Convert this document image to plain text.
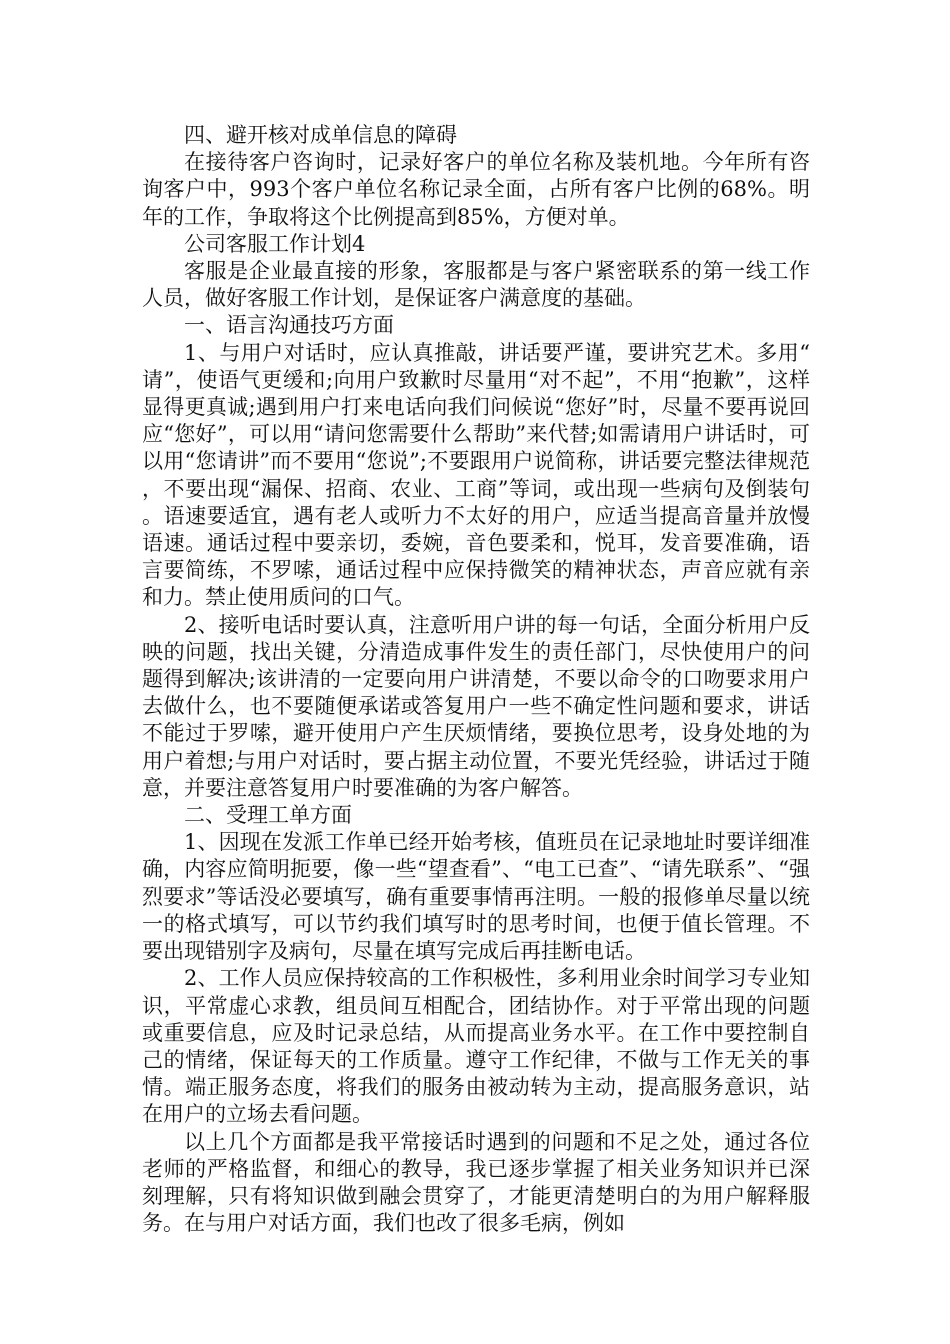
四、避开核对成单信息的障碍

在接待客户咨询时，记录好客户的单位名称及装机地。今年所有咨询客户中，993个客户单位名称记录全面，占所有客户比例的68%。明年的工作，争取将这个比例提高到85%，方便对单。

公司客服工作计划4

客服是企业最直接的形象，客服都是与客户紧密联系的第一线工作人员，做好客服工作计划，是保证客户满意度的基础。

一、语言沟通技巧方面

1、与用户对话时，应认真推敲，讲话要严谨，要讲究艺术。多用“请”，使语气更缓和;向用户致歉时尽量用“对不起”，不用“抱歉”，这样显得更真诚;遇到用户打来电话向我们问候说“您好”时，尽量不要再说回应“您好”，可以用“请问您需要什么帮助”来代替;如需请用户讲话时，可以用“您请讲”而不要用“您说”;不要跟用户说简称，讲话要完整法律规范，不要出现“漏保、招商、农业、工商”等词，或出现一些病句及倒装句。语速要适宜，遇有老人或听力不太好的用户，应适当提高音量并放慢语速。通话过程中要亲切，委婉，音色要柔和，悦耳，发音要准确，语言要简练，不罗嗦，通话过程中应保持微笑的精神状态，声音应就有亲和力。禁止使用质问的口气。

2、接听电话时要认真，注意听用户讲的每一句话，全面分析用户反映的问题，找出关键，分清造成事件发生的责任部门，尽快使用户的问题得到解决;该讲清的一定要向用户讲清楚，不要以命令的口吻要求用户去做什么，也不要随便承诺或答复用户一些不确定性问题和要求，讲话不能过于罗嗦，避开使用户产生厌烦情绪，要换位思考，设身处地的为用户着想;与用户对话时，要占据主动位置，不要光凭经验，讲话过于随意，并要注意答复用户时要准确的为客户解答。

二、受理工单方面

1、因现在发派工作单已经开始考核，值班员在记录地址时要详细准确，内容应简明扼要，像一些“望查看”、“电工已查”、“请先联系”、“强烈要求”等话没必要填写，确有重要事情再注明。一般的报修单尽量以统一的格式填写，可以节约我们填写时的思考时间，也便于值长管理。不要出现错别字及病句，尽量在填写完成后再挂断电话。

2、工作人员应保持较高的工作积极性，多利用业余时间学习专业知识，平常虚心求教，组员间互相配合，团结协作。对于平常出现的问题或重要信息，应及时记录总结，从而提高业务水平。在工作中要控制自己的情绪，保证每天的工作质量。遵守工作纪律，不做与工作无关的事情。端正服务态度，将我们的服务由被动转为主动，提高服务意识，站在用户的立场去看问题。

以上几个方面都是我平常接话时遇到的问题和不足之处，通过各位老师的严格监督，和细心的教导，我已逐步掌握了相关业务知识并已深刻理解，只有将知识做到融会贯穿了，才能更清楚明白的为用户解释服务。在与用户对话方面，我们也改了很多毛病，例如
